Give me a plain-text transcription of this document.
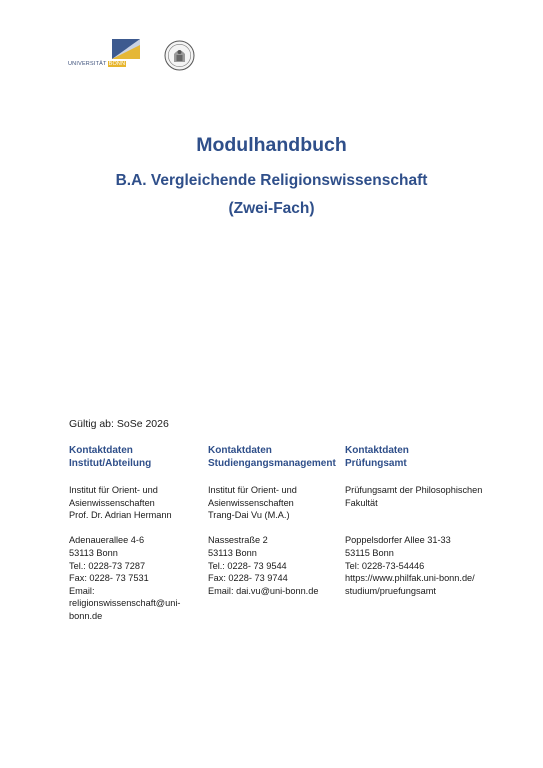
UNIVERSITÄT BONN
Modulhandbuch
B.A. Vergleichende Religionswissenschaft
(Zwei-Fach)
Gültig ab: SoSe 2026
Kontaktdaten
Institut/Abteilung
Institut für Orient- und
Asienwissenschaften
Prof. Dr. Adrian Hermann
Adenauerallee 4-6
53113 Bonn
Tel.: 0228-73 7287
Fax: 0228- 73 7531
Email:
religionswissenschaft@uni-
bonn.de
Kontaktdaten
Studiengangsmanagement
Institut für Orient- und
Asienwissenschaften
Trang-Dai Vu (M.A.)
Nassestraße 2
53113 Bonn
Tel.: 0228- 73 9544
Fax: 0228- 73 9744
Email: dai.vu@uni-bonn.de
Kontaktdaten
Prüfungsamt
Prüfungsamt der Philosophischen
Fakultät

Poppelsdorfer Allee 31-33
53115 Bonn
Tel: 0228-73-54446
https://www.philfak.uni-bonn.de/
studium/pruefungsamt
